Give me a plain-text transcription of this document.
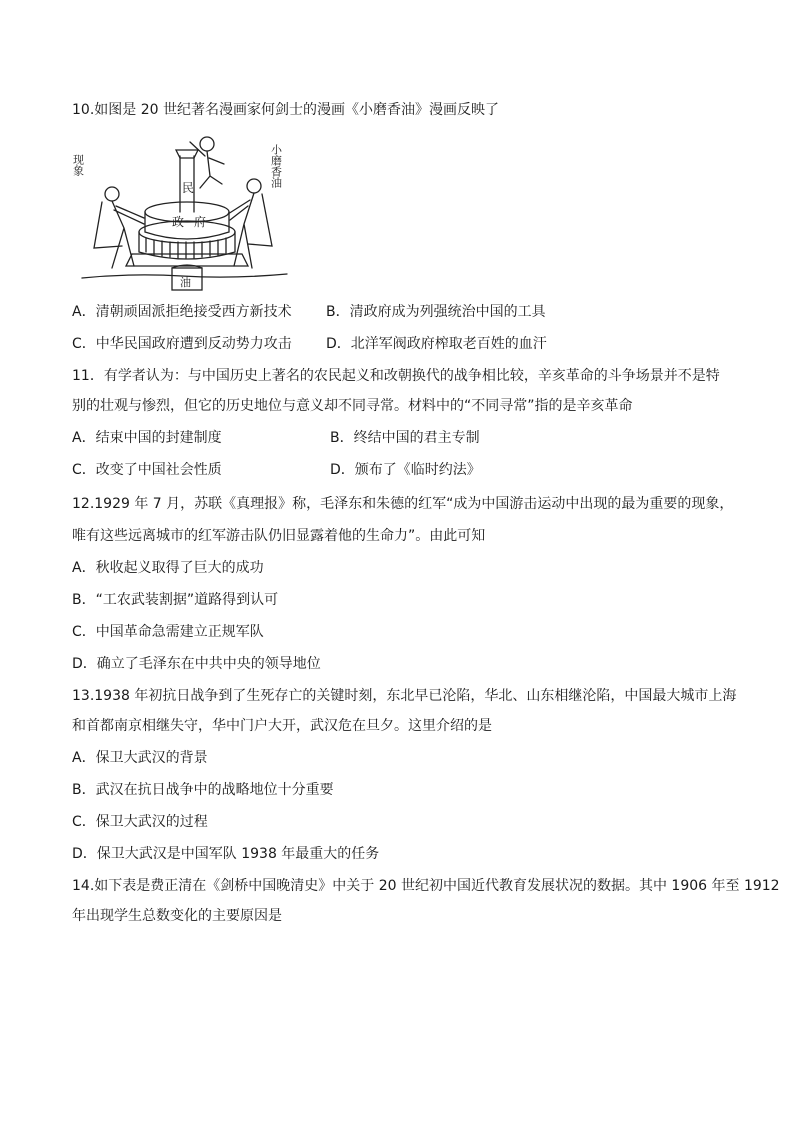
10.如图是 20 世纪著名漫画家何剑士的漫画《小磨香油》漫画反映了
民
政府
油
小磨香油
现象
A．清朝顽固派拒绝接受西方新技术 B．清政府成为列强统治中国的工具
C．中华民国政府遭到反动势力攻击 D．北洋军阀政府榨取老百姓的血汗
11．有学者认为：与中国历史上著名的农民起义和改朝换代的战争相比较，辛亥革命的斗争场景并不是特
别的壮观与惨烈，但它的历史地位与意义却不同寻常。材料中的“不同寻常”指的是辛亥革命
A．结束中国的封建制度	B．终结中国的君主专制
C．改变了中国社会性质	D．颁布了《临时约法》
12.1929 年 7 月，苏联《真理报》称，毛泽东和朱德的红军“成为中国游击运动中出现的最为重要的现象，
唯有这些远离城市的红军游击队仍旧显露着他的生命力”。由此可知
A．秋收起义取得了巨大的成功
B．“工农武装割据”道路得到认可
C．中国革命急需建立正规军队
D．确立了毛泽东在中共中央的领导地位
13.1938 年初抗日战争到了生死存亡的关键时刻，东北早已沦陷，华北、山东相继沦陷，中国最大城市上海
和首都南京相继失守，华中门户大开，武汉危在旦夕。这里介绍的是
A．保卫大武汉的背景
B．武汉在抗日战争中的战略地位十分重要
C．保卫大武汉的过程
D．保卫大武汉是中国军队 1938 年最重大的任务
14.如下表是费正清在《剑桥中国晚清史》中关于 20 世纪初中国近代教育发展状况的数据。其中 1906 年至 1912
年出现学生总数变化的主要原因是
